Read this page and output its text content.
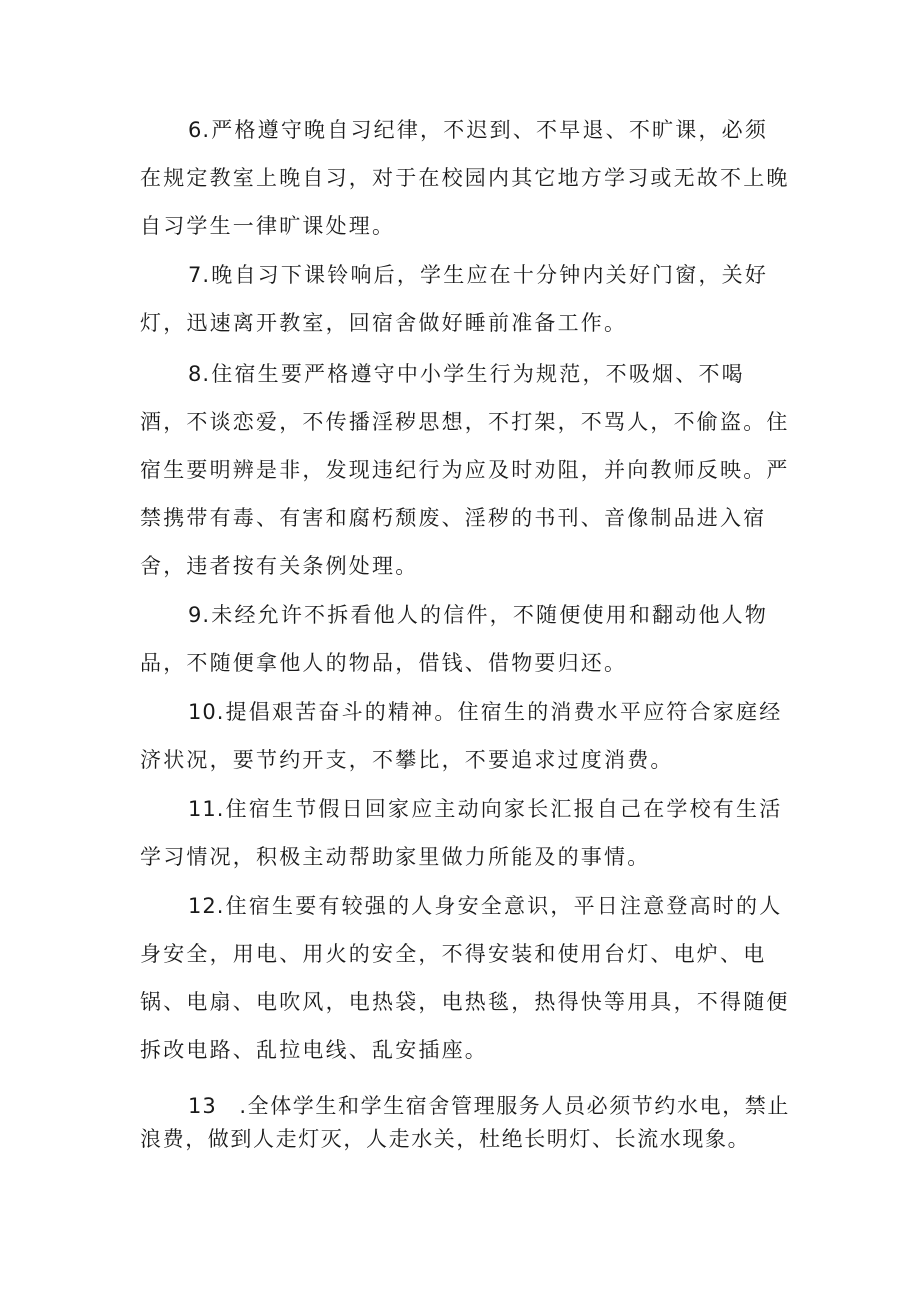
6.严格遵守晚自习纪律，不迟到、不早退、不旷课，必须在规定教室上晚自习，对于在校园内其它地方学习或无故不上晚自习学生一律旷课处理。

7.晚自习下课铃响后，学生应在十分钟内关好门窗，关好灯，迅速离开教室，回宿舍做好睡前准备工作。

8.住宿生要严格遵守中小学生行为规范，不吸烟、不喝酒，不谈恋爱，不传播淫秽思想，不打架，不骂人，不偷盗。住宿生要明辨是非，发现违纪行为应及时劝阻，并向教师反映。严禁携带有毒、有害和腐朽颓废、淫秽的书刊、音像制品进入宿舍，违者按有关条例处理。

9.未经允许不拆看他人的信件，不随便使用和翻动他人物品，不随便拿他人的物品，借钱、借物要归还。

10.提倡艰苦奋斗的精神。住宿生的消费水平应符合家庭经济状况，要节约开支，不攀比，不要追求过度消费。

11.住宿生节假日回家应主动向家长汇报自己在学校有生活学习情况，积极主动帮助家里做力所能及的事情。

12.住宿生要有较强的人身安全意识，平日注意登高时的人身安全，用电、用火的安全，不得安装和使用台灯、电炉、电锅、电扇、电吹风，电热袋，电热毯，热得快等用具，不得随便拆改电路、乱拉电线、乱安插座。

13　.全体学生和学生宿舍管理服务人员必须节约水电，禁止浪费，做到人走灯灭，人走水关，杜绝长明灯、长流水现象。
